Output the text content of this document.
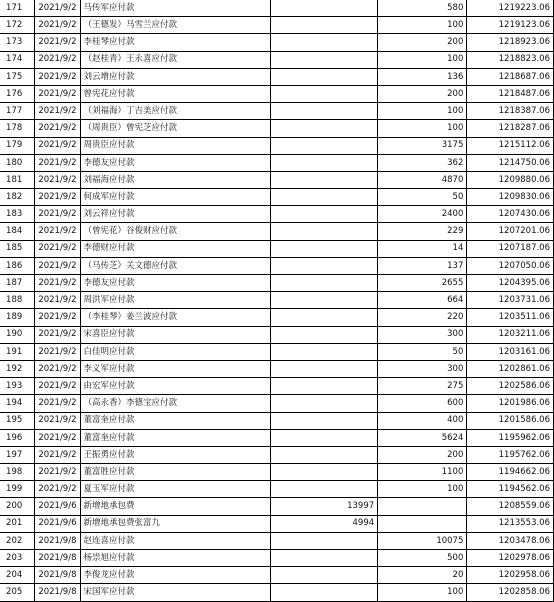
171	2021/9/2	马传军应付款		580	1219223.06
172	2021/9/2	（王德发）马雪兰应付款		100	1219123.06
173	2021/9/2	李桂琴应付款		200	1218923.06
174	2021/9/2	（赵桂青）王永喜应付款		100	1218823.06
175	2021/9/2	刘云增应付款		136	1218687.06
176	2021/9/2	曾宪花应付款		200	1218487.06
177	2021/9/2	（刘福海）丁吉美应付款		100	1218387.06
178	2021/9/2	（周贵臣）曾宪芝应付款		100	1218287.06
179	2021/9/2	周贵臣应付款		3175	1215112.06
180	2021/9/2	李德友应付款		362	1214750.06
181	2021/9/2	刘福海应付款		4870	1209880.06
182	2021/9/2	何成军应付款		50	1209830.06
183	2021/9/2	刘云祥应付款		2400	1207430.06
184	2021/9/2	（曾宪花）谷俊财应付款		229	1207201.06
185	2021/9/2	李德财应付款		14	1207187.06
186	2021/9/2	（马传芝）关文德应付款		137	1207050.06
187	2021/9/2	李德友应付款		2655	1204395.06
188	2021/9/2	周洪军应付款		664	1203731.06
189	2021/9/2	（李桂琴）姜兰波应付款		220	1203511.06
190	2021/9/2	宋喜臣应付款		300	1203211.06
191	2021/9/2	白佳明应付款		50	1203161.06
192	2021/9/2	李义军应付款		300	1202861.06
193	2021/9/2	由宏军应付款		275	1202586.06
194	2021/9/2	（高永香）李德宝应付款		600	1201986.06
195	2021/9/2	董富奎应付款		400	1201586.06
196	2021/9/2	董富奎应付款		5624	1195962.06
197	2021/9/2	王振勇应付款		200	1195762.06
198	2021/9/2	董富胜应付款		1100	1194662.06
199	2021/9/2	夏玉军应付款		100	1194562.06
200	2021/9/6	新增地承包费	13997		1208559.06
201	2021/9/6	新增地承包费张富九	4994		1213553.06
202	2021/9/8	赵连喜应付款		10075	1203478.06
203	2021/9/8	杨崇旭应付款		500	1202978.06
204	2021/9/8	李俊龙应付款		20	1202958.06
205	2021/9/8	宋国军应付款		100	1202858.06
